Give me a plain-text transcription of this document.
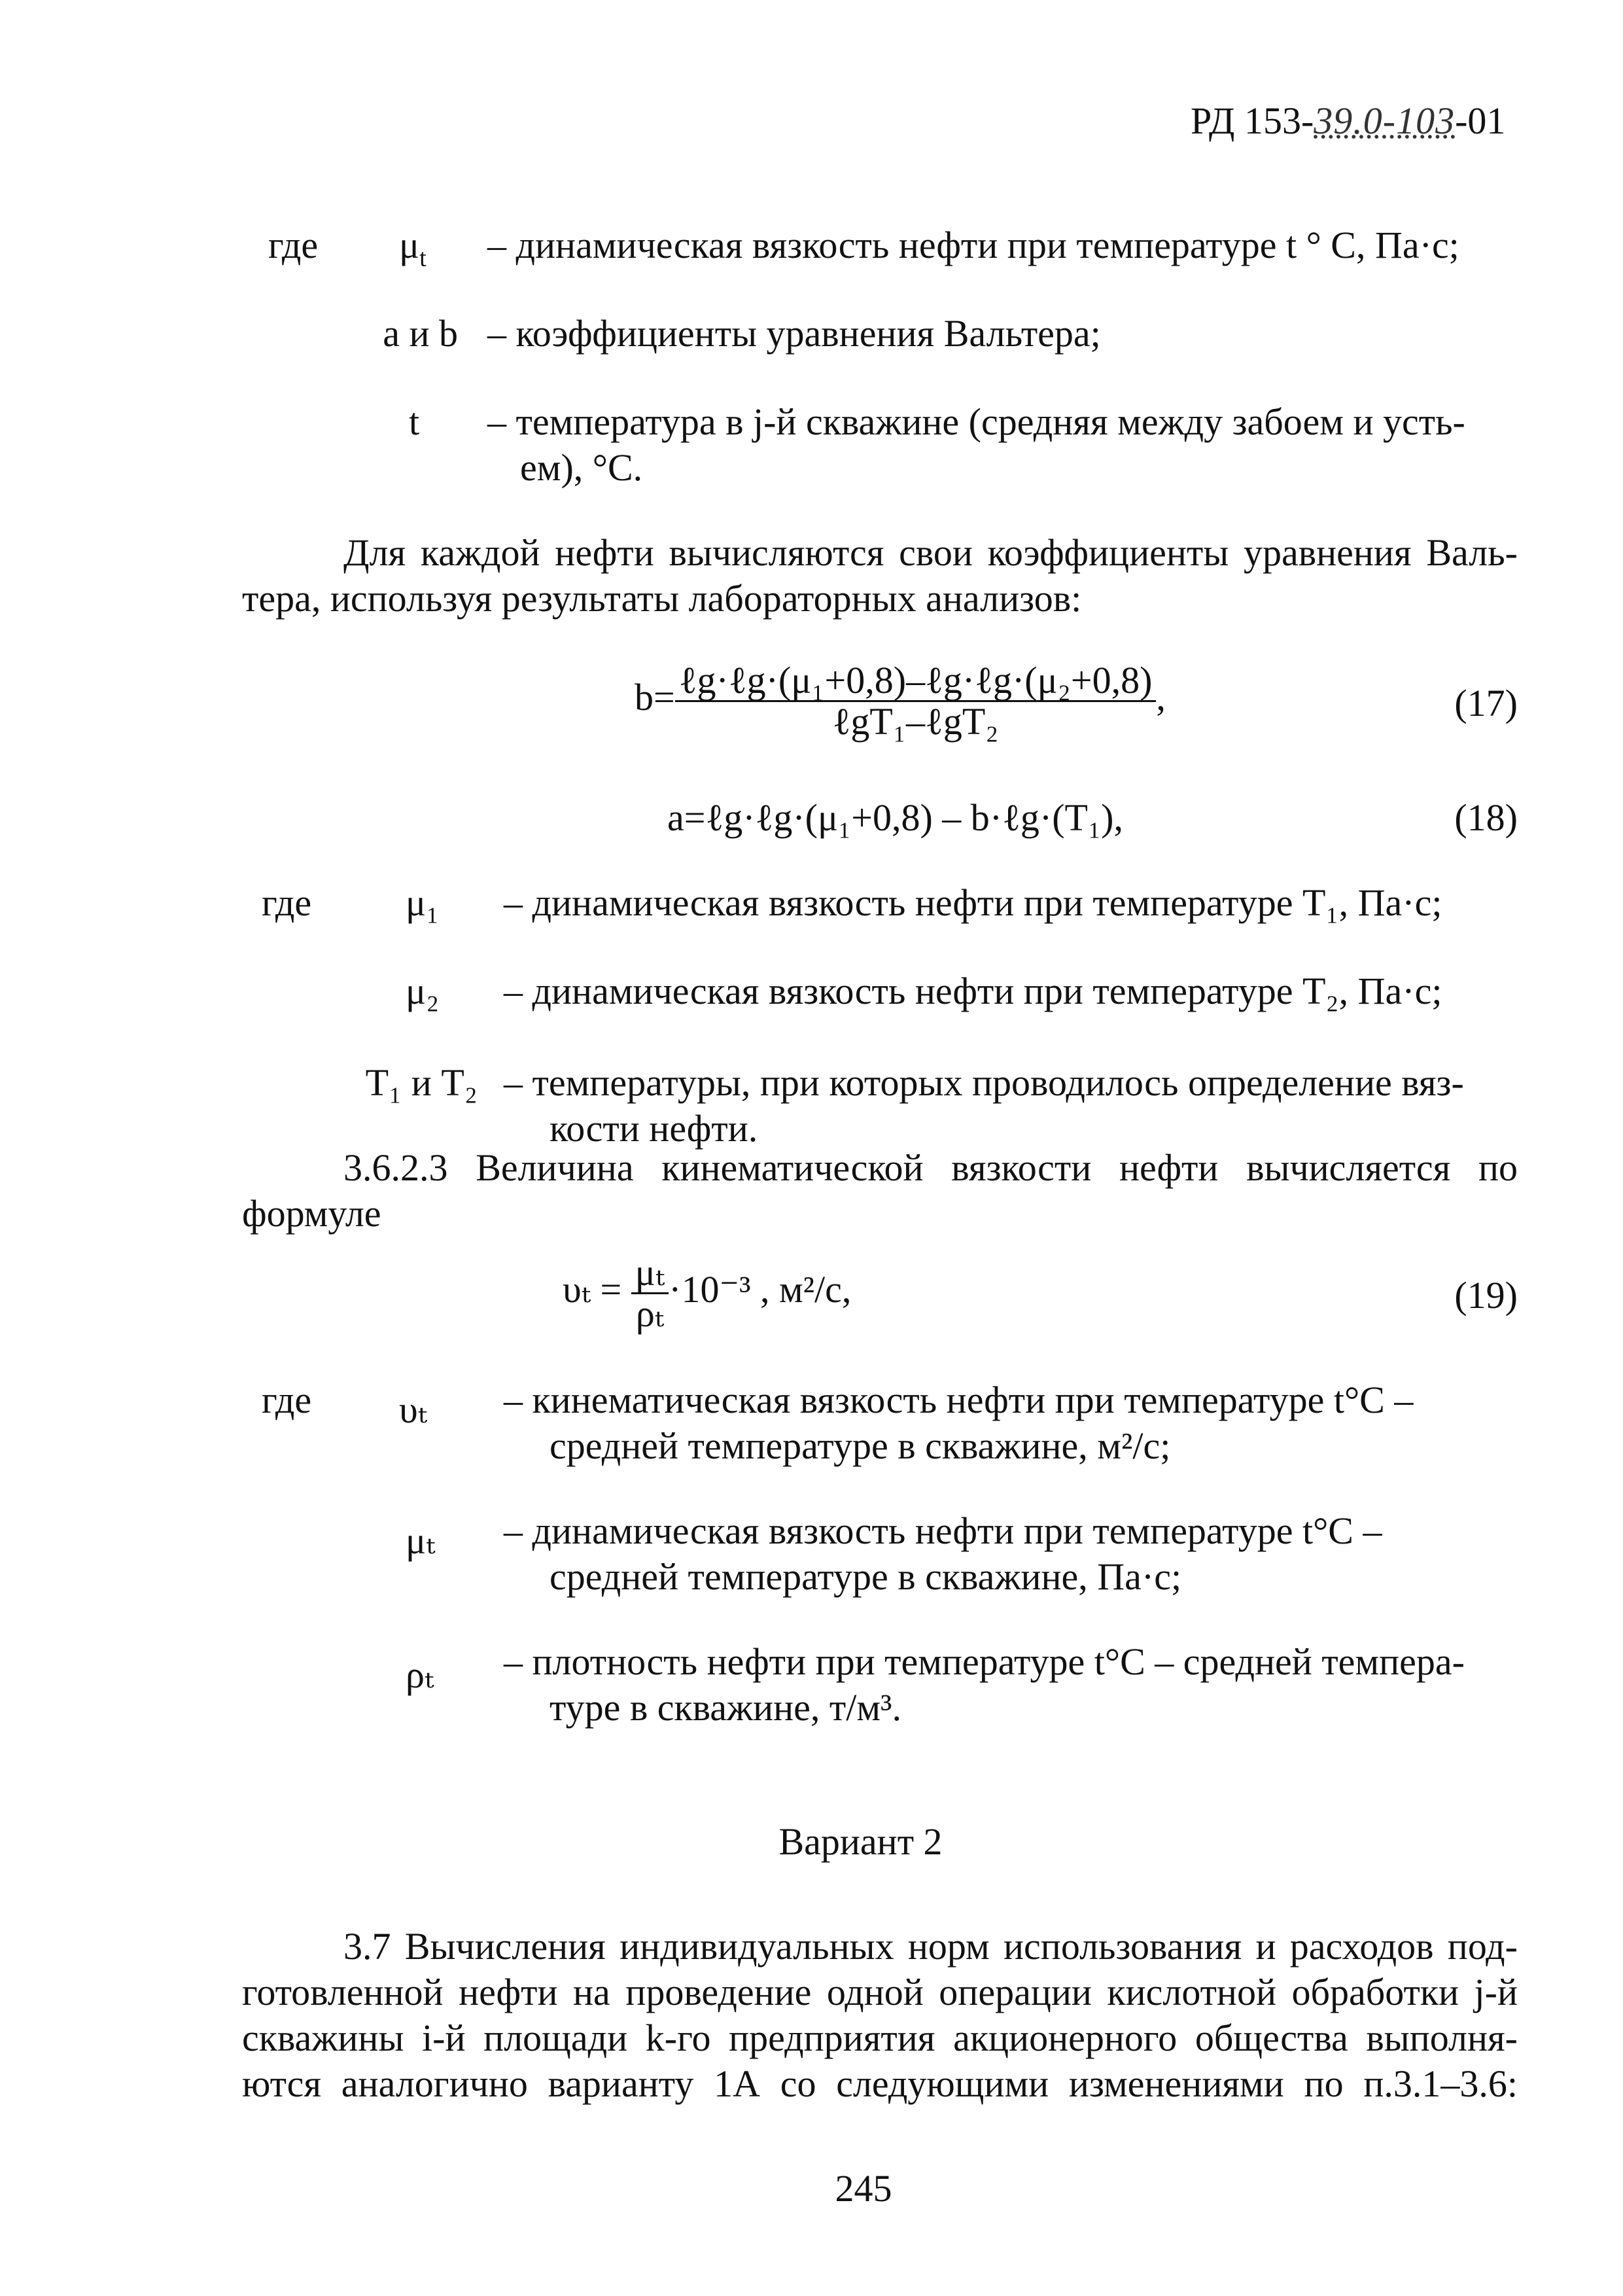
РД 153-39.0-103-01
где $\mu_t$ – динамическая вязкость нефти при температуре t ° С, Па·с;
a и b – коэффициенты уравнения Вальтера;
t – температура в j-й скважине (средняя между забоем и усть-
ем), °С.
Для каждой нефти вычисляются свои коэффициенты уравнения Валь-
тера, используя результаты лабораторных анализов:
$b= \frac{\text{ℓg·ℓg·(μ₁+0,8)–ℓg·ℓg·(μ₂+0,8)}}{\text{ℓgT₁–ℓgT₂}}$ ,	(17)
a=ℓg·ℓg·(μ₁+0,8) – b·ℓg·(T₁),	(18)
где μ₁ – динамическая вязкость нефти при температуре T₁, Па·с;
μ₂ – динамическая вязкость нефти при температуре T₂, Па·с;
T₁ и T₂ – температуры, при которых проводилось определение вяз-
кости нефти.
3.6.2.3 Величина кинематической вязкости нефти вычисляется по
формуле
$\upsilon_t = \frac{\text{μₜ}}{\text{ρₜ}} \cdot 10^{-3}$ , м²/с,	(19)
где υₜ – кинематическая вязкость нефти при температуре t°С –
средней температуре в скважине, м²/с;
μₜ – динамическая вязкость нефти при температуре t°С –
средней температуре в скважине, Па·с;
ρₜ – плотность нефти при температуре t°С – средней темпера-
туре в скважине, т/м³.
Вариант 2
3.7 Вычисления индивидуальных норм использования и расходов под-
готовленной нефти на проведение одной операции кислотной обработки j-й
скважины i-й площади k-го предприятия акционерного общества выполня-
ются аналогично варианту 1А со следующими изменениями по п.3.1–3.6:
245
